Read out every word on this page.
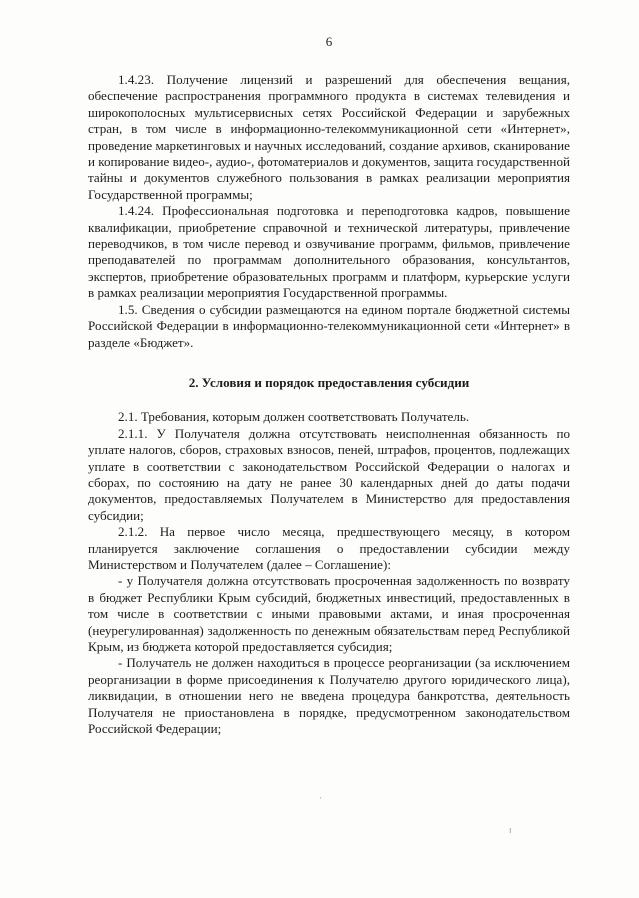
6

1.4.23. Получение лицензий и разрешений для обеспечения вещания, обеспечение распространения программного продукта в системах телевидения и широкополосных мультисервисных сетях Российской Федерации и зарубежных стран, в том числе в информационно-телекоммуникационной сети «Интернет», проведение маркетинговых и научных исследований, создание архивов, сканирование и копирование видео-, аудио-, фотоматериалов и документов, защита государственной тайны и документов служебного пользования в рамках реализации мероприятия Государственной программы;

1.4.24. Профессиональная подготовка и переподготовка кадров, повышение квалификации, приобретение справочной и технической литературы, привлечение переводчиков, в том числе перевод и озвучивание программ, фильмов, привлечение преподавателей по программам дополнительного образования, консультантов, экспертов, приобретение образовательных программ и платформ, курьерские услуги в рамках реализации мероприятия Государственной программы.

1.5. Сведения о субсидии размещаются на едином портале бюджетной системы Российской Федерации в информационно-телекоммуникационной сети «Интернет» в разделе «Бюджет».

2. Условия и порядок предоставления субсидии

2.1. Требования, которым должен соответствовать Получатель.

2.1.1. У Получателя должна отсутствовать неисполненная обязанность по уплате налогов, сборов, страховых взносов, пеней, штрафов, процентов, подлежащих уплате в соответствии с законодательством Российской Федерации о налогах и сборах, по состоянию на дату не ранее 30 календарных дней до даты подачи документов, предоставляемых Получателем в Министерство для предоставления субсидии;

2.1.2. На первое число месяца, предшествующего месяцу, в котором планируется заключение соглашения о предоставлении субсидии между Министерством и Получателем (далее – Соглашение):

- у Получателя должна отсутствовать просроченная задолженность по возврату в бюджет Республики Крым субсидий, бюджетных инвестиций, предоставленных в том числе в соответствии с иными правовыми актами, и иная просроченная (неурегулированная) задолженность по денежным обязательствам перед Республикой Крым, из бюджета которой предоставляется субсидия;

- Получатель не должен находиться в процессе реорганизации (за исключением реорганизации в форме присоединения к Получателю другого юридического лица), ликвидации, в отношении него не введена процедура банкротства, деятельность Получателя не приостановлена в порядке, предусмотренном законодательством Российской Федерации;

·
ı
